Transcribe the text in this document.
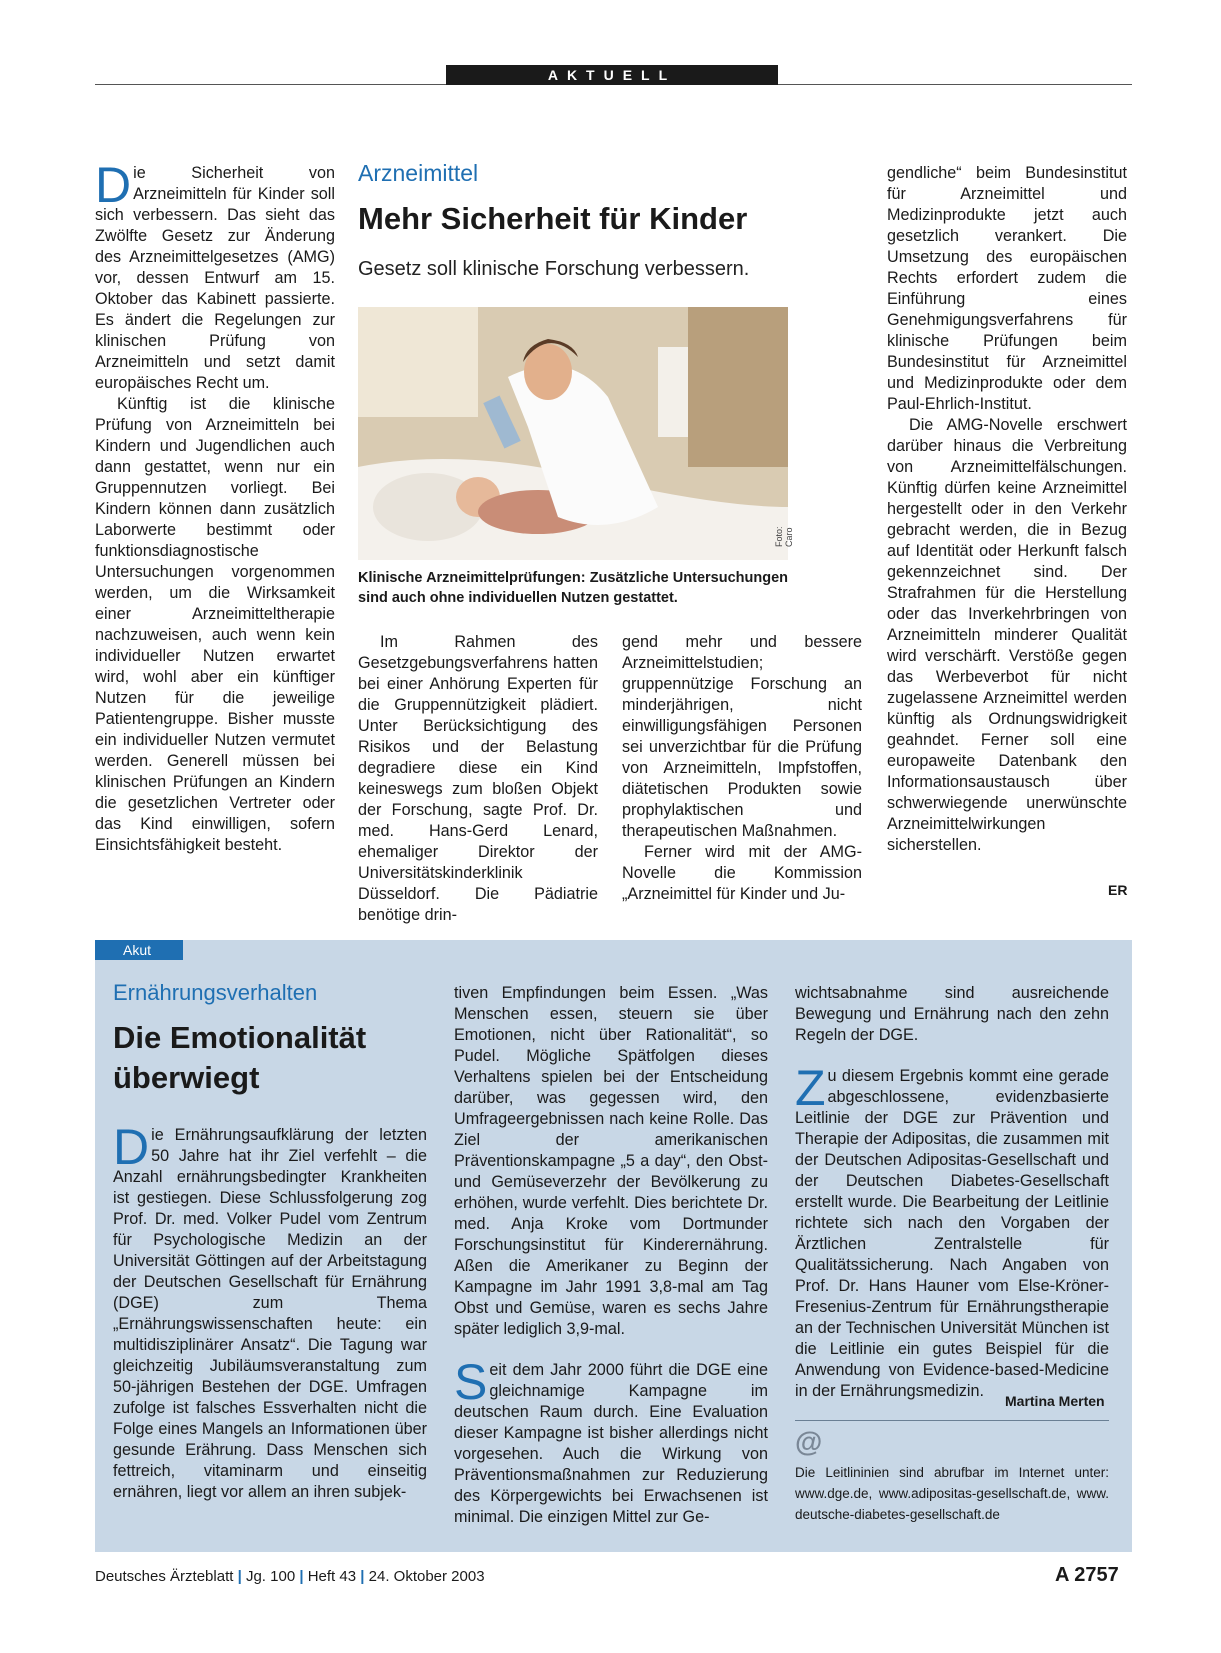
AKTUELL

Die Sicherheit von Arzneimitteln für Kinder soll sich verbessern. Das sieht das Zwölfte Gesetz zur Änderung des Arzneimittelgesetzes (AMG) vor, dessen Entwurf am 15. Oktober das Kabinett passierte. Es ändert die Regelungen zur klinischen Prüfung von Arzneimitteln und setzt damit europäisches Recht um.

Künftig ist die klinische Prüfung von Arzneimitteln bei Kindern und Jugendlichen auch dann gestattet, wenn nur ein Gruppennutzen vorliegt. Bei Kindern können dann zusätzlich Laborwerte bestimmt oder funktionsdiagnostische Untersuchungen vorgenommen werden, um die Wirksamkeit einer Arzneimitteltherapie nachzuweisen, auch wenn kein individueller Nutzen erwartet wird, wohl aber ein künftiger Nutzen für die jeweilige Patientengruppe. Bisher musste ein individueller Nutzen vermutet werden. Generell müssen bei klinischen Prüfungen an Kindern die gesetzlichen Vertreter oder das Kind einwilligen, sofern Einsichtsfähigkeit besteht.

Arzneimittel
Mehr Sicherheit für Kinder
Gesetz soll klinische Forschung verbessern.
Foto: Caro
Klinische Arzneimittelprüfungen: Zusätzliche Untersuchungen sind auch ohne individuellen Nutzen gestattet.

Im Rahmen des Gesetzgebungsverfahrens hatten bei einer Anhörung Experten für die Gruppennützigkeit plädiert. Unter Berücksichtigung des Risikos und der Belastung degradiere diese ein Kind keineswegs zum bloßen Objekt der Forschung, sagte Prof. Dr. med. Hans-Gerd Lenard, ehemaliger Direktor der Universitätskinderklinik Düsseldorf. Die Pädiatrie benötige drin-

gend mehr und bessere Arzneimittelstudien; gruppennützige Forschung an minderjährigen, nicht einwilligungsfähigen Personen sei unverzichtbar für die Prüfung von Arzneimitteln, Impfstoffen, diätetischen Produkten sowie prophylaktischen und therapeutischen Maßnahmen.

Ferner wird mit der AMG-Novelle die Kommission „Arzneimittel für Kinder und Ju-

gendliche“ beim Bundesinstitut für Arzneimittel und Medizinprodukte jetzt auch gesetzlich verankert. Die Umsetzung des europäischen Rechts erfordert zudem die Einführung eines Genehmigungsverfahrens für klinische Prüfungen beim Bundesinstitut für Arzneimittel und Medizinprodukte oder dem Paul-Ehrlich-Institut.

Die AMG-Novelle erschwert darüber hinaus die Verbreitung von Arzneimittelfälschungen. Künftig dürfen keine Arzneimittel hergestellt oder in den Verkehr gebracht werden, die in Bezug auf Identität oder Herkunft falsch gekennzeichnet sind. Der Strafrahmen für die Herstellung oder das Inverkehrbringen von Arzneimitteln minderer Qualität wird verschärft. Verstöße gegen das Werbeverbot für nicht zugelassene Arzneimittel werden künftig als Ordnungswidrigkeit geahndet. Ferner soll eine europaweite Datenbank den Informationsaustausch über schwerwiegende unerwünschte Arzneimittelwirkungen sicherstellen.

ER
Akut
Ernährungsverhalten
Die Emotionalität überwiegt

Die Ernährungsaufklärung der letzten 50 Jahre hat ihr Ziel verfehlt – die Anzahl ernährungsbedingter Krankheiten ist gestiegen. Diese Schlussfolgerung zog Prof. Dr. med. Volker Pudel vom Zentrum für Psychologische Medizin an der Universität Göttingen auf der Arbeitstagung der Deutschen Gesellschaft für Ernährung (DGE) zum Thema „Ernährungswissenschaften heute: ein multidisziplinärer Ansatz“. Die Tagung war gleichzeitig Jubiläumsveranstaltung zum 50-jährigen Bestehen der DGE. Umfragen zufolge ist falsches Essverhalten nicht die Folge eines Mangels an Informationen über gesunde Erährung. Dass Menschen sich fettreich, vitaminarm und einseitig ernähren, liegt vor allem an ihren subjek-

tiven Empfindungen beim Essen. „Was Menschen essen, steuern sie über Emotionen, nicht über Rationalität“, so Pudel. Mögliche Spätfolgen dieses Verhaltens spielen bei der Entscheidung darüber, was gegessen wird, den Umfrageergebnissen nach keine Rolle. Das Ziel der amerikanischen Präventionskampagne „5 a day“, den Obst- und Gemüseverzehr der Bevölkerung zu erhöhen, wurde verfehlt. Dies berichtete Dr. med. Anja Kroke vom Dortmunder Forschungsinstitut für Kinderernährung. Aßen die Amerikaner zu Beginn der Kampagne im Jahr 1991 3,8-mal am Tag Obst und Gemüse, waren es sechs Jahre später lediglich 3,9-mal.

Seit dem Jahr 2000 führt die DGE eine gleichnamige Kampagne im deutschen Raum durch. Eine Evaluation dieser Kampagne ist bisher allerdings nicht vorgesehen. Auch die Wirkung von Präventionsmaßnahmen zur Reduzierung des Körpergewichts bei Erwachsenen ist minimal. Die einzigen Mittel zur Ge-

wichtsabnahme sind ausreichende Bewegung und Ernährung nach den zehn Regeln der DGE.

Zu diesem Ergebnis kommt eine gerade abgeschlossene, evidenzbasierte Leitlinie der DGE zur Prävention und Therapie der Adipositas, die zusammen mit der Deutschen Adipositas-Gesellschaft und der Deutschen Diabetes-Gesellschaft erstellt wurde. Die Bearbeitung der Leitlinie richtete sich nach den Vorgaben der Ärztlichen Zentralstelle für Qualitätssicherung. Nach Angaben von Prof. Dr. Hans Hauner vom Else-Kröner-Fresenius-Zentrum für Ernährungstherapie an der Technischen Universität München ist die Leitlinie ein gutes Beispiel für die Anwendung von Evidence-based-Medicine in der Ernährungsmedizin.

Martina Merten
@
Die Leitlininien sind abrufbar im Internet unter: www.dge.de, www.adipositas-gesellschaft.de, www. deutsche-diabetes-gesellschaft.de
Deutsches Ärzteblatt | Jg. 100 | Heft 43 | 24. Oktober 2003	A 2757
